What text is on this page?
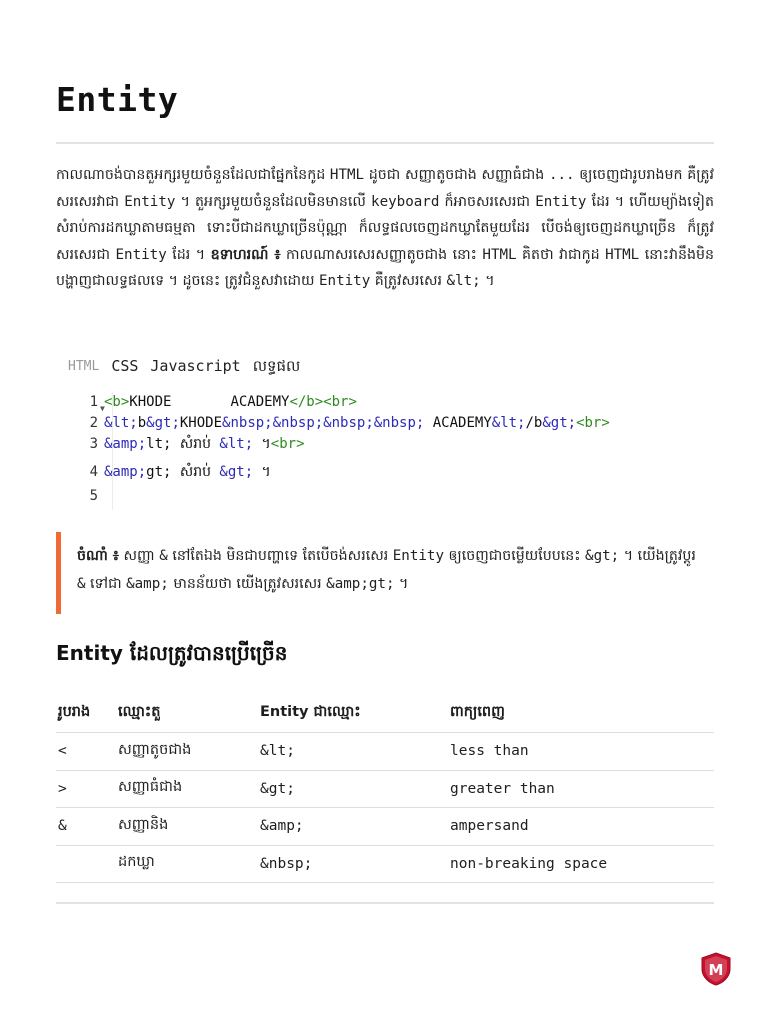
Entity
កាលណាចង់បានតួអក្សរមួយចំនួនដែលជាផ្នែកនៃកូដ HTML ដូចជា សញ្ញាតូចជាង សញ្ញាធំជាង ... ឲ្យចេញជារូបរាងមក គឺត្រូវសរសេរវាជា Entity ។ តួអក្សរមួយចំនួនដែលមិនមានលើ keyboard ក៏អាចសរសេរជា Entity ដែរ ។ ហើយម្យ៉ាងទៀត សំរាប់ការដកឃ្លាតាមធម្មតា ទោះបីជាដកឃ្លាច្រើនប៉ុណ្ណា ក៏លទ្ធផលចេញដកឃ្លាតែមួយដែរ បើចង់ឲ្យចេញដកឃ្លាច្រើន ក៏ត្រូវសរសេរជា Entity ដែរ ។ ឧទាហរណ៍ ៖ កាលណាសរសេរសញ្ញាតូចជាង នោះ HTML គិតថា វាជាកូដ HTML នោះវានឹងមិនបង្ហាញជាលទ្ធផលទេ ។ ដូចនេះ ត្រូវជំនួសវាដោយ Entity គឺត្រូវសរសេរ &lt; ។
HTML CSS Javascript លទ្ធផល
1 ▼
2
3
4
5
<b>KHODE       ACADEMY</b><br>
&lt;b&gt;KHODE&nbsp;&nbsp;&nbsp;&nbsp; ACADEMY&lt;/b&gt;<br>
&amp;lt; សំរាប់ &lt; ។<br>
&amp;gt; សំរាប់ &gt; ។
ចំណាំ ៖ សញ្ញា & នៅតែឯង មិនជាបញ្ហាទេ តែបើចង់សរសេរ Entity ឲ្យចេញជាចម្លើយបែបនេះ &gt; ។ យើងត្រូវប្តូរ & ទៅជា &amp; មានន័យថា យើងត្រូវសរសេរ &amp;gt; ។
Entity ដែលត្រូវបានប្រើច្រើន
រូបរាង	ឈ្មោះតួ	Entity ជាឈ្មោះ	ពាក្យពេញ
<	សញ្ញាតូចជាង	&lt;	less than
>	សញ្ញាធំជាង	&gt;	greater than
&	សញ្ញានិង	&amp;	ampersand
	ដកឃ្លា	&nbsp;	non-breaking space

M
